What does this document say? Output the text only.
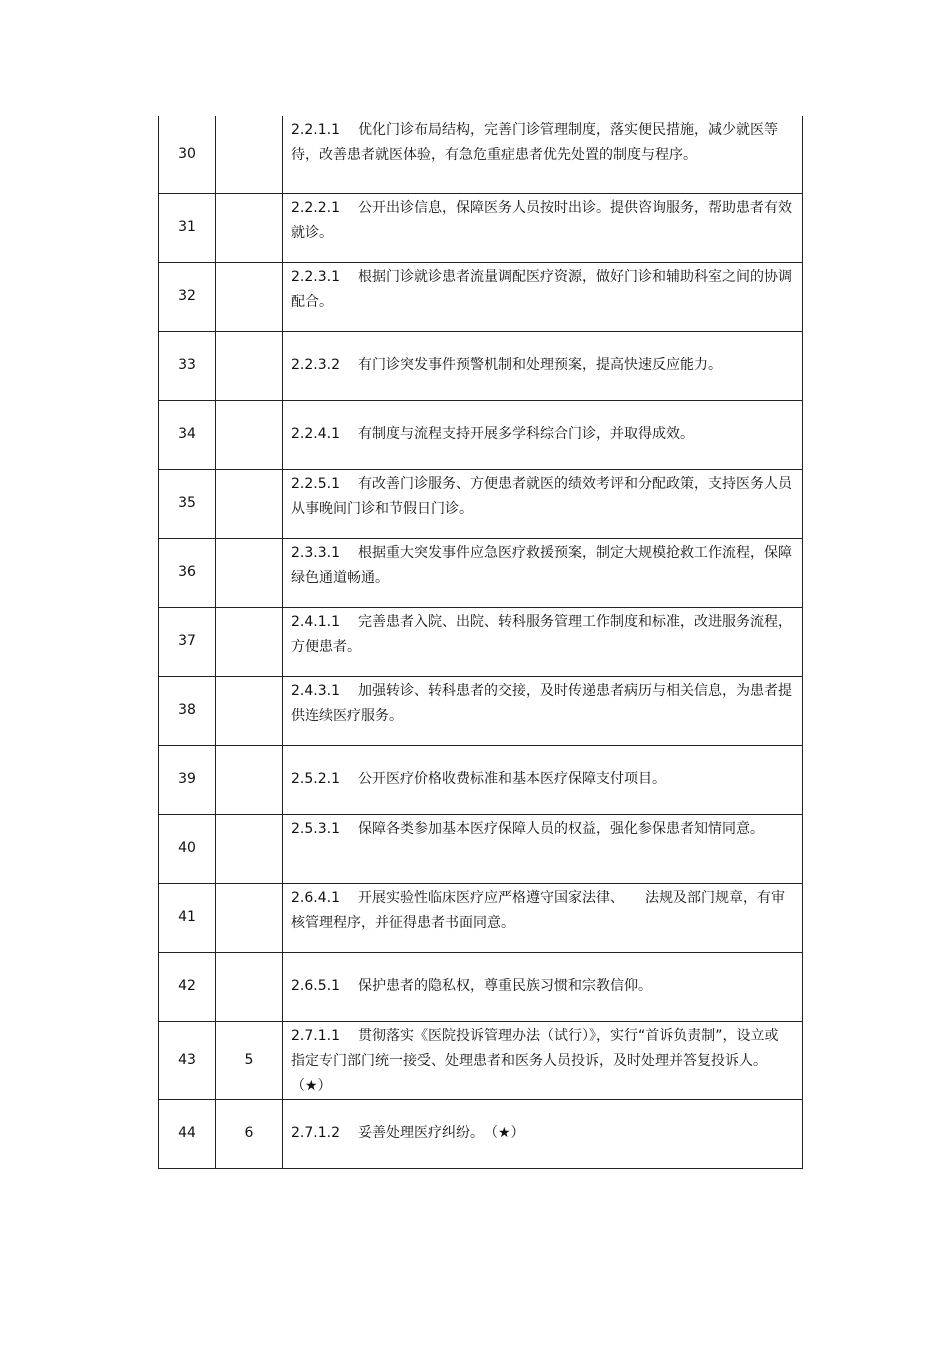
30		2.2.1.1 优化门诊布局结构，完善门诊管理制度，落实便民措施，减少就医等待，改善患者就医体验，有急危重症患者优先处置的制度与程序。

31		2.2.2.1 公开出诊信息，保障医务人员按时出诊。提供咨询服务，帮助患者有效就诊。

32		2.2.3.1 根据门诊就诊患者流量调配医疗资源，做好门诊和辅助科室之间的协调配合。

33		2.2.3.2 有门诊突发事件预警机制和处理预案，提高快速反应能力。

34		2.2.4.1 有制度与流程支持开展多学科综合门诊，并取得成效。

35		2.2.5.1 有改善门诊服务、方便患者就医的绩效考评和分配政策，支持医务人员从事晚间门诊和节假日门诊。

36		2.3.3.1 根据重大突发事件应急医疗救援预案，制定大规模抢救工作流程，保障绿色通道畅通。

37		2.4.1.1 完善患者入院、出院、转科服务管理工作制度和标准，改进服务流程，方便患者。

38		2.4.3.1 加强转诊、转科患者的交接，及时传递患者病历与相关信息，为患者提供连续医疗服务。

39		2.5.2.1 公开医疗价格收费标准和基本医疗保障支付项目。

40		2.5.3.1 保障各类参加基本医疗保障人员的权益，强化参保患者知情同意。

41		2.6.4.1 开展实验性临床医疗应严格遵守国家法律、　　法规及部门规章，有审核管理程序，并征得患者书面同意。

42		2.6.5.1 保护患者的隐私权，尊重民族习惯和宗教信仰。

43	5	2.7.1.1 贯彻落实《医院投诉管理办法（试行）》，实行“首诉负责制”，设立或指定专门部门统一接受、处理患者和医务人员投诉，及时处理并答复投诉人。（★）

44	6	2.7.1.2 妥善处理医疗纠纷。　（★）
